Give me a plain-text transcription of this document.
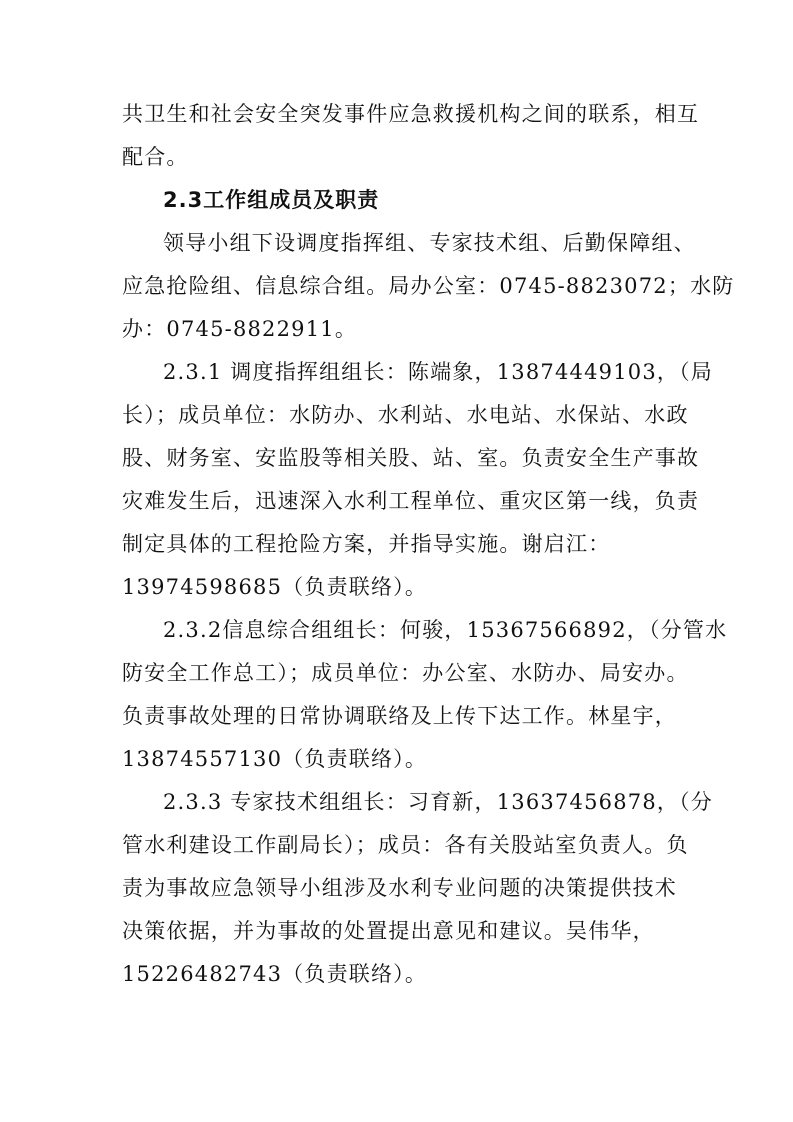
共卫生和社会安全突发事件应急救援机构之间的联系，相互
配合。
2.3工作组成员及职责
领导小组下设调度指挥组、专家技术组、后勤保障组、
应急抢险组、信息综合组。局办公室：0745-8823072；水防
办：0745-8822911。
2.3.1 调度指挥组组长：陈端象，13874449103，（局
长）；成员单位：水防办、水利站、水电站、水保站、水政
股、财务室、安监股等相关股、站、室。负责安全生产事故
灾难发生后，迅速深入水利工程单位、重灾区第一线，负责
制定具体的工程抢险方案，并指导实施。谢启江：
13974598685（负责联络）。
2.3.2信息综合组组长：何骏，15367566892，（分管水
防安全工作总工）；成员单位：办公室、水防办、局安办。
负责事故处理的日常协调联络及上传下达工作。林星宇，
13874557130（负责联络）。
2.3.3 专家技术组组长：习育新，13637456878，（分
管水利建设工作副局长）；成员：各有关股站室负责人。负
责为事故应急领导小组涉及水利专业问题的决策提供技术
决策依据，并为事故的处置提出意见和建议。吴伟华，
15226482743（负责联络）。
